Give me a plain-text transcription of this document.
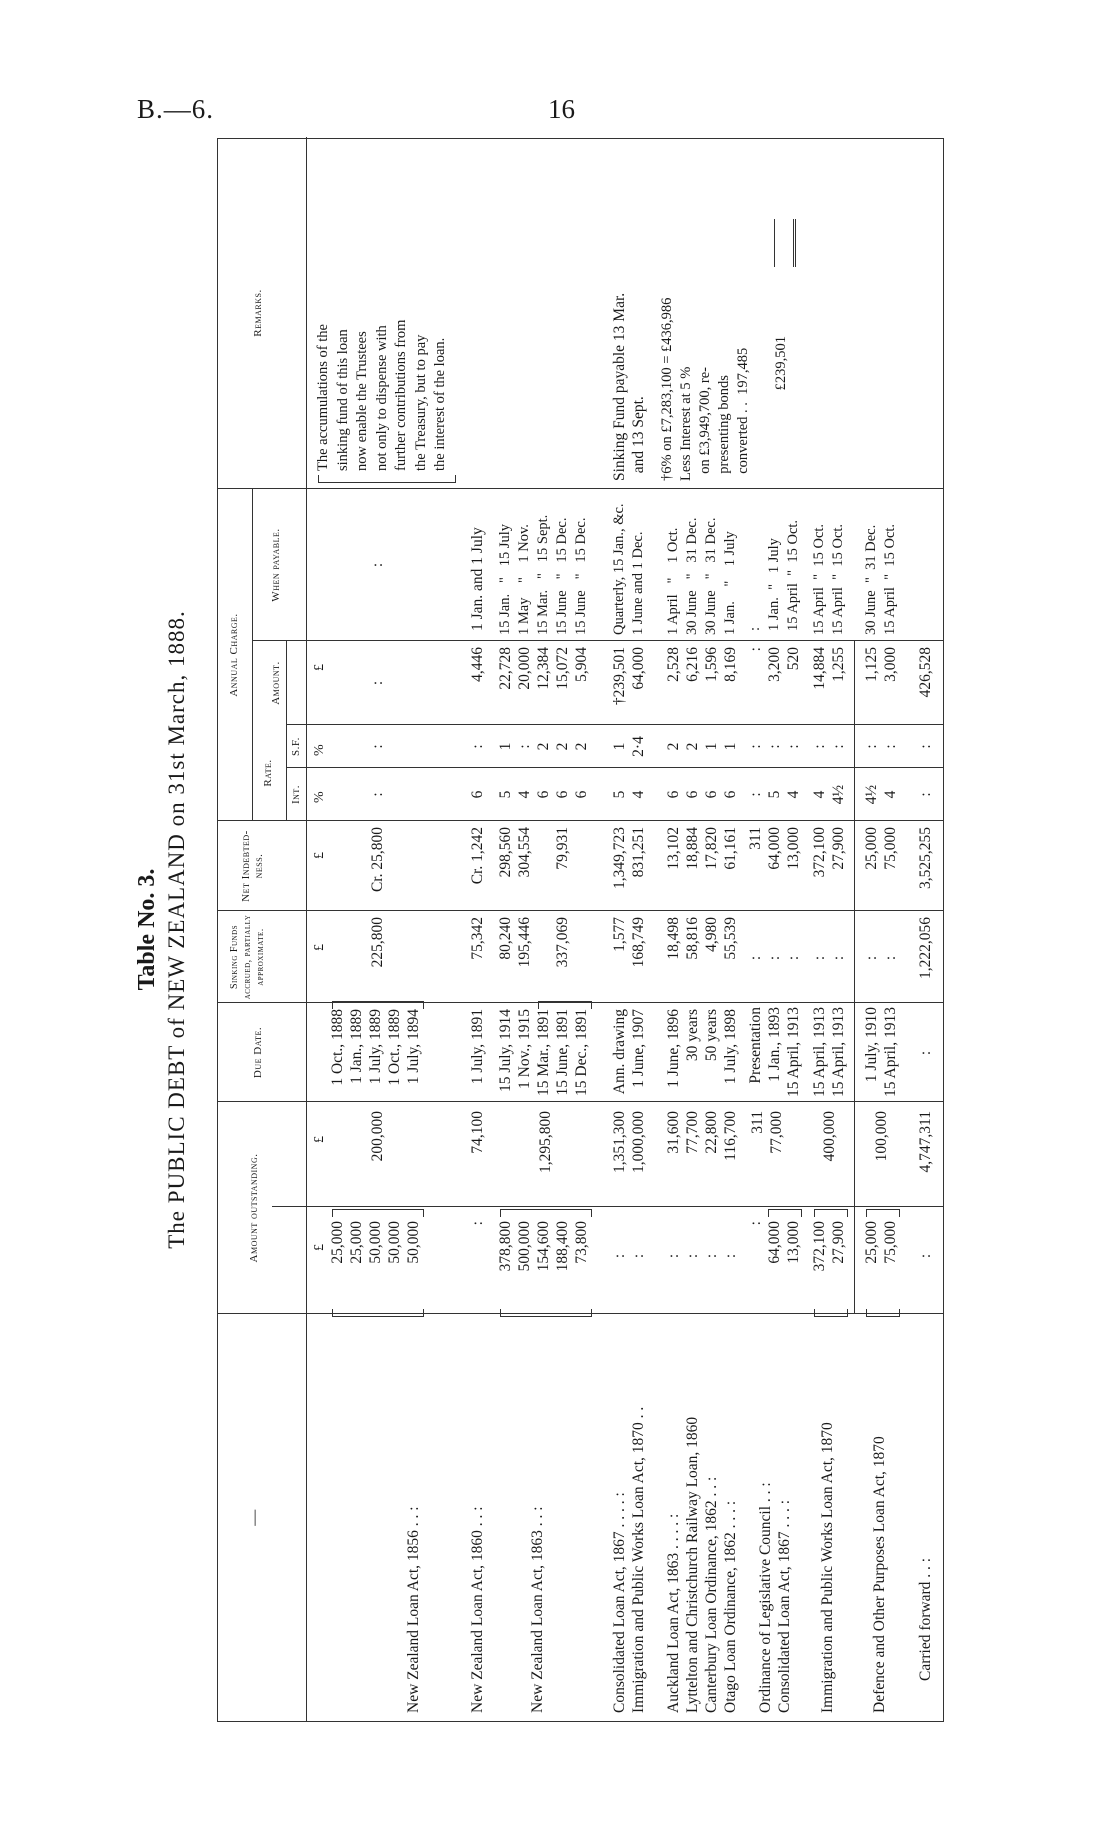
B.—6.	16
Table No. 3. The PUBLIC DEBT of NEW ZEALAND on 31st March, 1888.
—
Amount outstanding.
Due Date.
Sinking Funds accrued, partially approximate.
Net Indebted-ness.
Annual Charge.
Rate.
Int.
S.F.
Amount.
When payable.
Remarks.
£
£
£
£
%
%
£
New Zealand Loan Act, 1856 . . :
25,000
25,000
50,000
50,000
50,000
200,000
1 Oct., 1888
1 Jan., 1889
1 July, 1889
1 Oct., 1889
1 July, 1894
225,800
Cr. 25,800
:
:
:
:
The accumulations of the
sinking fund of this loan
now enable the Trustees
not only to dispense with
further contributions from
the Treasury, but to pay
the interest of the loan.
New Zealand Loan Act, 1860 . . :
:
74,100
1 July, 1891
75,342
Cr. 1,242
6
:
4,446
1 Jan. and 1 July
New Zealand Loan Act, 1863 . . :
378,800
500,000
154,600
188,400
73,800
1,295,800
15 July, 1914
1 Nov., 1915
15 Mar., 1891
15 June, 1891
15 Dec., 1891
80,240
195,446

337,069
298,560
304,554

79,931
5
4
6
6
6
1
:
2
2
2
22,728
20,000
12,384
15,072
5,904
15 Jan.   "   15 July
1 May    "    1 Nov.
15 Mar.   "   15 Sept.
15 June   "   15 Dec.
15 June   "   15 Dec.
Consolidated Loan Act, 1867 . . . . :
Immigration and Public Works Loan Act, 1870 . .
:
:
1,351,300
1,000,000
Ann. drawing
1 June, 1907
1,577
168,749
1,349,723
831,251
5
4
1
2·4
†239,501
64,000
Quarterly, 15 Jan., &c.
1 June and 1 Dec.
Sinking Fund payable 13 Mar.
and 13 Sept.
Auckland Loan Act, 1863 . . . . :
Lyttelton and Christchurch Railway Loan, 1860
Canterbury Loan Ordinance, 1862 . . :
Otago Loan Ordinance, 1862 . . . :
:
:
:
:
31,600
77,700
22,800
116,700
1 June, 1896
30 years
50 years
1 July, 1898
18,498
58,816
4,980
55,539
13,102
18,884
17,820
61,161
6
6
6
6
2
2
1
1
2,528
6,216
1,596
8,169
1 April   "    1 Oct.
30 June   "   31 Dec.
30 June   "   31 Dec.
1 Jan.    "    1 July
†6% on £7,283,100 = £436,986
Less Interest at 5 %
on £3,949,700, re-
presenting bonds
converted . .  197,485

£239,501
Ordinance of Legislative Council . . :
Consolidated Loan Act, 1867 . . . :
:
64,000
13,000
311
77,000
Presentation
1 Jan., 1893
15 April, 1913
:
:
:
311
64,000
13,000
:
5
4
:
:
:
:
3,200
520
:
1 Jan.  "   1 July
15 April  "  15 Oct.
Immigration and Public Works Loan Act, 1870
372,100
27,900
400,000
15 April, 1913
15 April, 1913
:
:
372,100
27,900
4
4½
:
:
14,884
1,255
15 April  "  15 Oct.
15 April  "  15 Oct.
Defence and Other Purposes Loan Act, 1870
25,000
75,000
100,000
1 July, 1910
15 April, 1913
:
:
25,000
75,000
4½
4
:
:
1,125
3,000
30 June  "  31 Dec.
15 April  "  15 Oct.
Carried forward . . :
:
4,747,311
:
1,222,056
3,525,255
:
:
426,528
